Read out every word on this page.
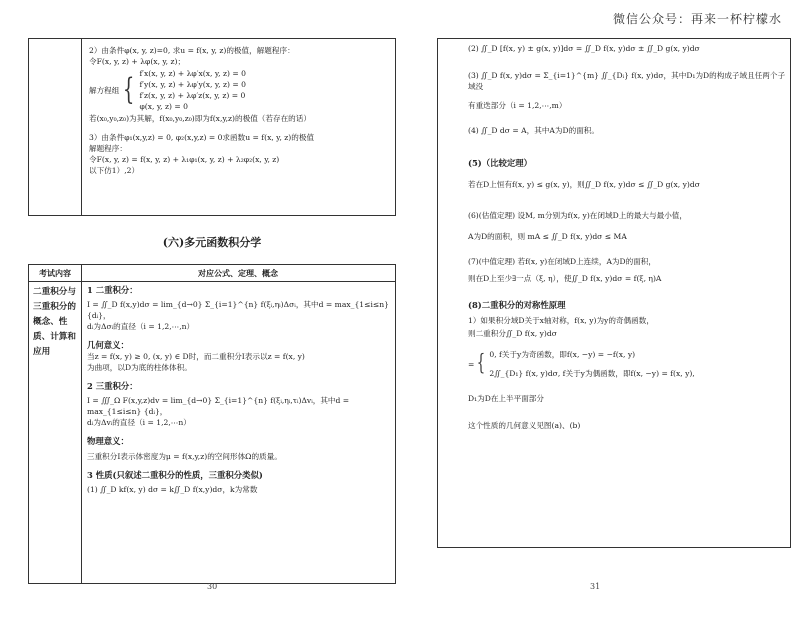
微信公众号：再来一杯柠檬水

2）由条件φ(x, y, z)=0, 求u = f(x, y, z)的极值，解题程序：

令F(x, y, z) + λφ(x, y, z)；

解方程组 { f′x(x, y, z) + λφ′x(x, y, z) = 0

f′y(x, y, z) + λφ′y(x, y, z) = 0

f′z(x, y, z) + λφ′z(x, y, z) = 0

φ(x, y, z) = 0

若(x₀,y₀,z₀)为其解，f(x₀,y₀,z₀)即为f(x,y,z)的极值（若存在的话）

3）由条件φ₁(x,y,z) = 0, φ₂(x,y,z) = 0求函数u = f(x, y, z)的极值

解题程序：

令F(x, y, z) = f(x, y, z) + λ₁φ₁(x, y, z) + λ₂φ₂(x, y, z)

以下仿1）,2）

(六)多元函数积分学
考试内容	对应公式、定理、概念
二重积分与三重积分的概念、性质、计算和应用

1 二重积分：

I = ∬_D f(x,y)dσ = lim_{d→0} Σ_{i=1}^{n} f(ξᵢ,ηᵢ)Δσᵢ，其中d = max_{1≤i≤n} {dᵢ}，

dᵢ为Δσᵢ的直径（i = 1,2,⋯,n）

几何意义：

当z = f(x, y) ≥ 0, (x, y) ∈ D时，而二重积分I表示以z = f(x, y)

为曲项，以D为底的柱体体积。

2 三重积分：

I = ∭_Ω F(x,y,z)dv = lim_{d→0} Σ_{i=1}^{n} f(ξᵢ,ηᵢ,τᵢ)Δvᵢ，其中d = max_{1≤i≤n} {dᵢ}，

dᵢ为Δvᵢ的直径（i = 1,2,⋯n）

物理意义：

三重积分I表示体密度为μ = f(x,y,z)的空间形体Ω的质量。

3 性质(只叙述二重积分的性质，三重积分类似)

(1) ∬_D kf(x, y) dσ = k∬_D f(x,y)dσ，k为常数

30

(2) ∬_D [f(x, y) ± g(x, y)]dσ = ∬_D f(x, y)dσ ± ∬_D g(x, y)dσ

(3) ∬_D f(x, y)dσ = Σ_{i=1}^{m} ∬_{Dᵢ} f(x, y)dσ，其中D₁为D的构成子域且任两个子域没

有重迭部分（i = 1,2,⋯,m）

(4) ∬_D dσ = A，其中A为D的面积。

(5)（比较定理）

若在D上恒有f(x, y) ≤ g(x, y)，则∬_D f(x, y)dσ ≤ ∬_D g(x, y)dσ

(6)(估值定理) 设M, m分别为f(x, y)在闭域D上的最大与最小值，

A为D的面积，则 mA ≤ ∬_D f(x, y)dσ ≤ MA

(7)(中值定理) 若f(x, y)在闭域D上连续，A为D的面积，

则在D上至少∃一点（ξ, η），使∬_D f(x, y)dσ = f(ξ, η)A

(8)二重积分的对称性原理

1）如果积分域D关于x轴对称，f(x, y)为y的奇偶函数，

则二重积分∬_D f(x, y)dσ

= { 0, f关于y为奇函数，即f(x, −y) = −f(x, y)

2∬_{D₁} f(x, y)dσ, f关于y为偶函数，即f(x, −y) = f(x, y),

D₁为D在上半平面部分

这个性质的几何意义见图(a)、(b)

31
